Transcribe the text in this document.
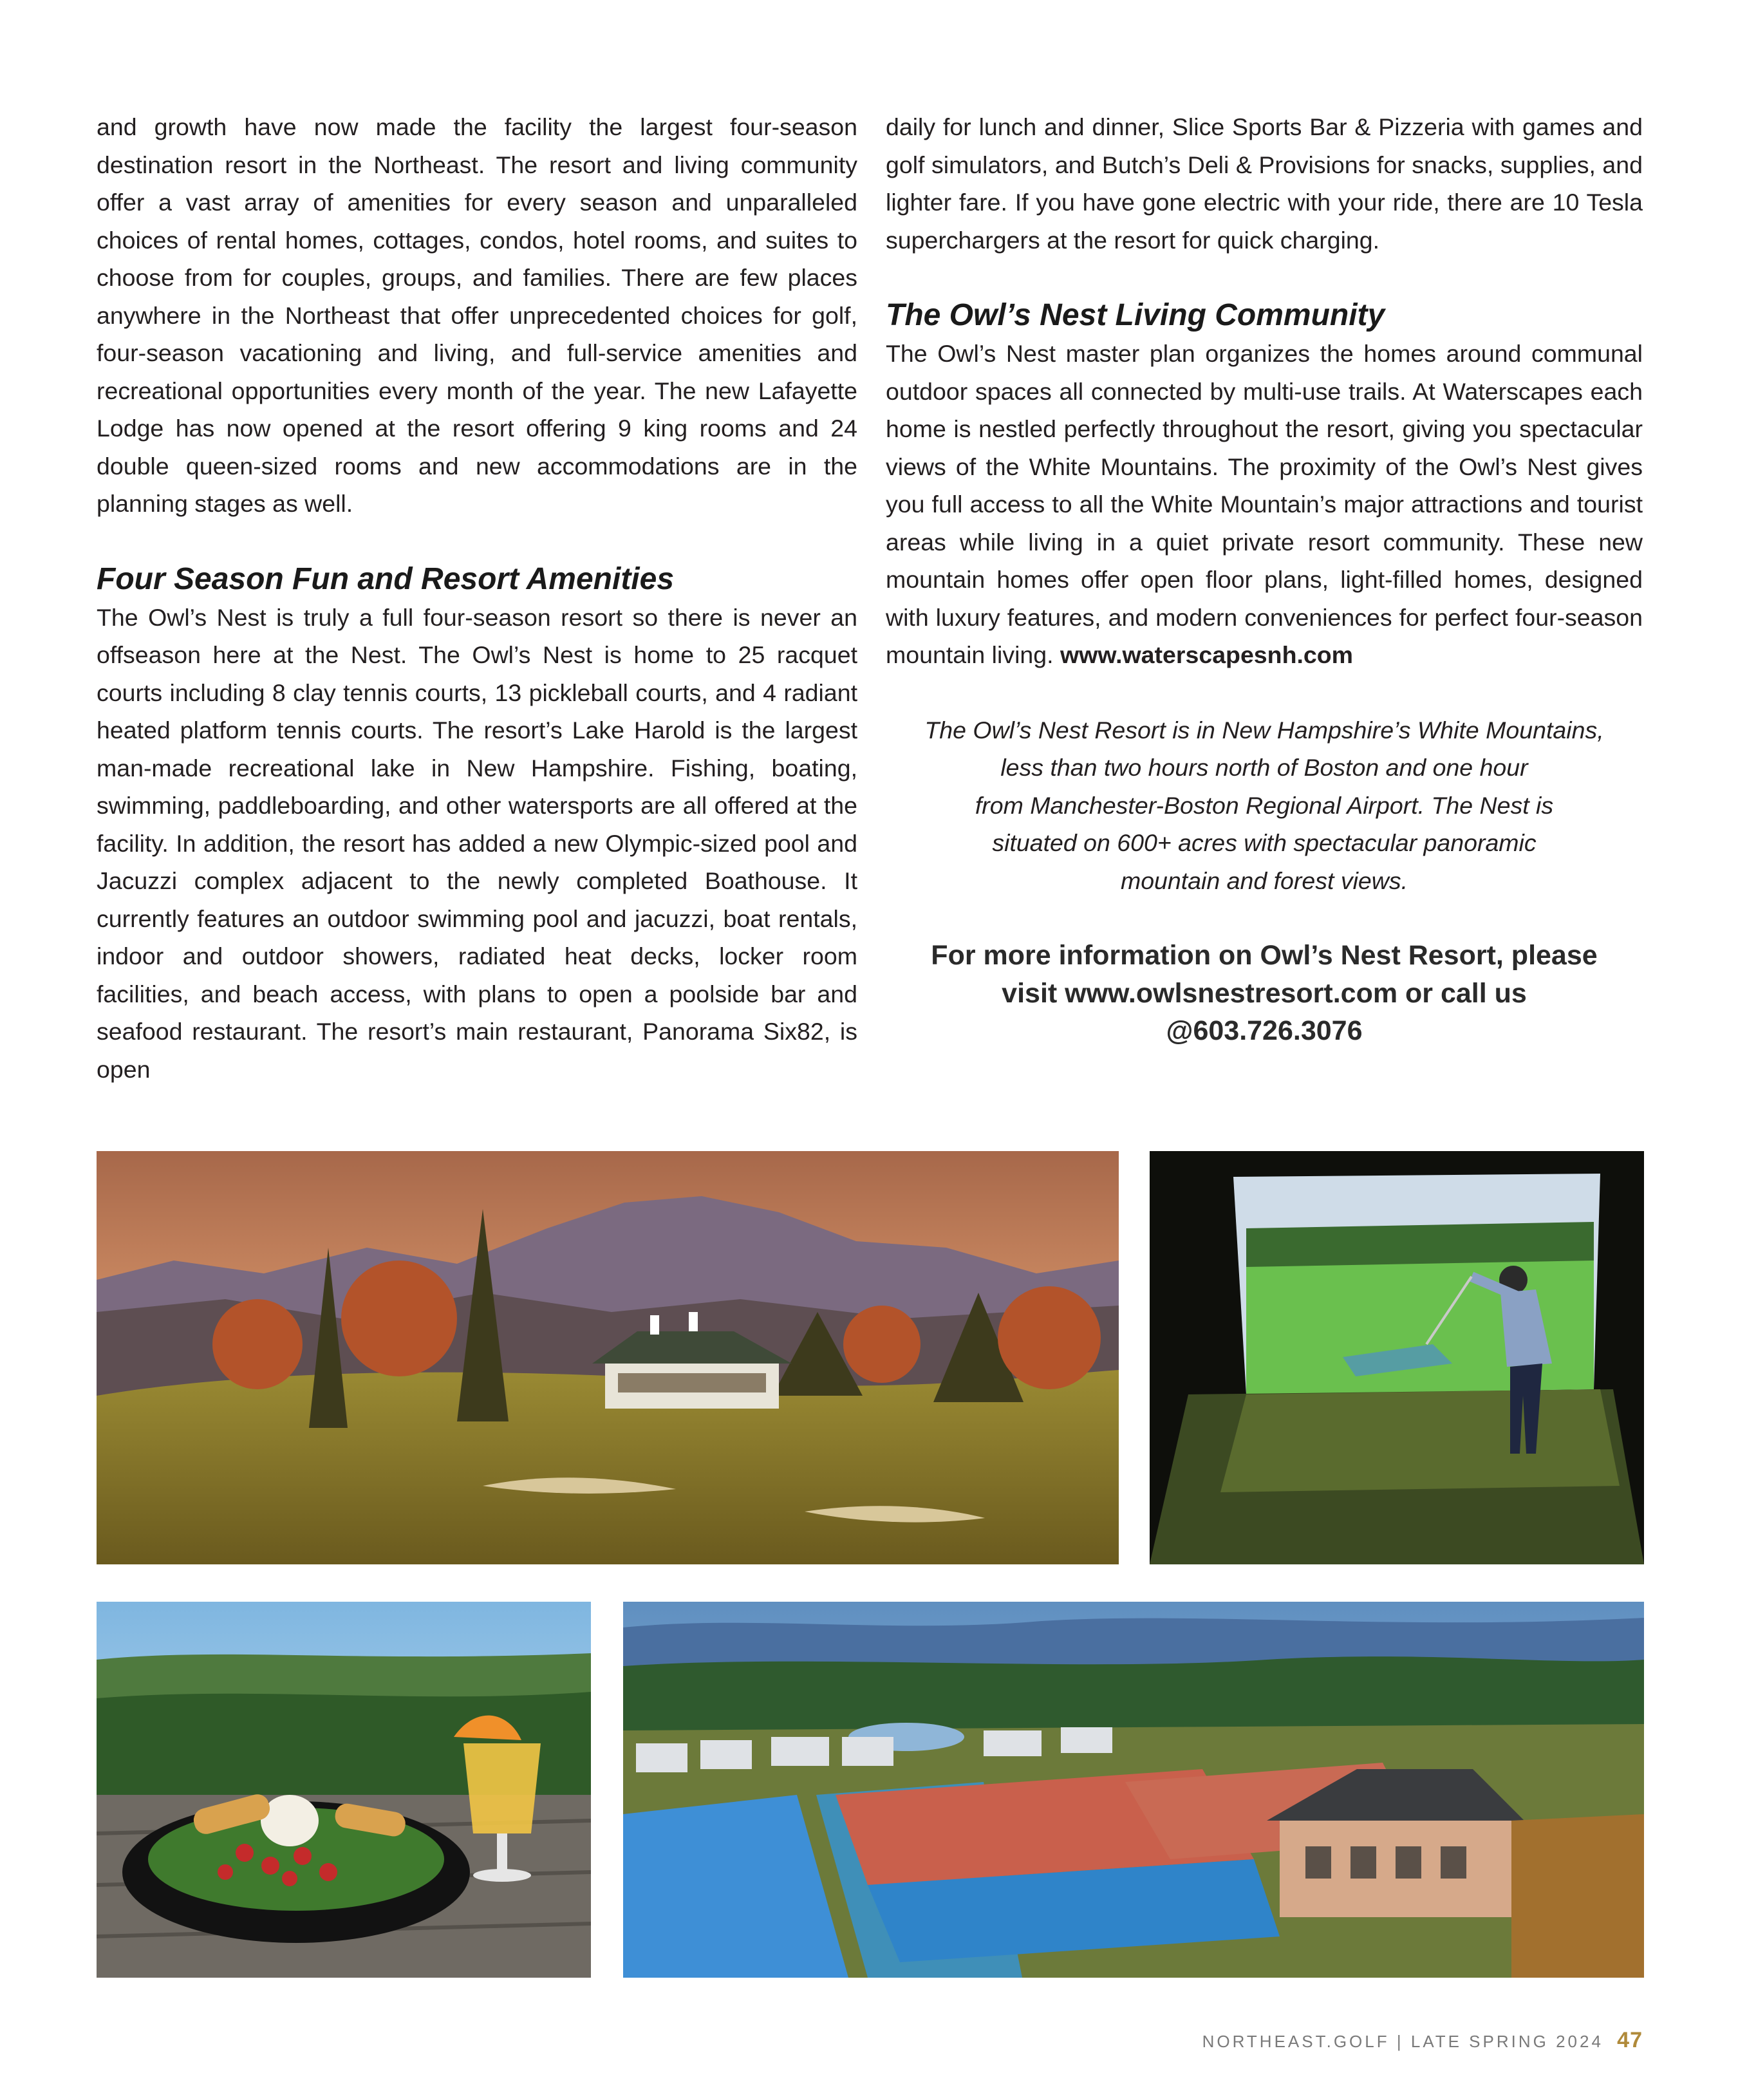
and growth have now made the facility the largest four-season destination resort in the Northeast. The resort and living community offer a vast array of amenities for every season and unparalleled choices of rental homes, cottages, condos, hotel rooms, and suites to choose from for couples, groups, and families. There are few places anywhere in the Northeast that offer unprecedented choices for golf, four-season vacationing and living, and full-service amenities and recreational opportunities every month of the year. The new Lafayette Lodge has now opened at the resort offering 9 king rooms and 24 double queen-sized rooms and new accommodations are in the planning stages as well.

Four Season Fun and Resort Amenities

The Owl’s Nest is truly a full four-season resort so there is never an offseason here at the Nest. The Owl’s Nest is home to 25 racquet courts including 8 clay tennis courts, 13 pickleball courts, and 4 radiant heated platform tennis courts. The resort’s Lake Harold is the largest man-made recreational lake in New Hampshire. Fishing, boating, swimming, paddleboarding, and other watersports are all offered at the facility. In addition, the resort has added a new Olympic-sized pool and Jacuzzi complex adjacent to the newly completed Boathouse. It currently features an outdoor swimming pool and jacuzzi, boat rentals, indoor and outdoor showers, radiated heat decks, locker room facilities, and beach access, with plans to open a poolside bar and seafood restaurant. The resort’s main restaurant, Panorama Six82, is open

daily for lunch and dinner, Slice Sports Bar & Pizzeria with games and golf simulators, and Butch’s Deli & Provisions for snacks, supplies, and lighter fare. If you have gone electric with your ride, there are 10 Tesla superchargers at the resort for quick charging.

The Owl’s Nest Living Community

The Owl’s Nest master plan organizes the homes around communal outdoor spaces all connected by multi-use trails. At Waterscapes each home is nestled perfectly throughout the resort, giving you spectacular views of the White Mountains. The proximity of the Owl’s Nest gives you full access to all the White Mountain’s major attractions and tourist areas while living in a quiet private resort community. These new mountain homes offer open floor plans, light-filled homes, designed with luxury features, and modern conveniences for perfect four-season mountain living. www.waterscapesnh.com

The Owl’s Nest Resort is in New Hampshire’s White Mountains,
less than two hours north of Boston and one hour
from Manchester-Boston Regional Airport. The Nest is
situated on 600+ acres with spectacular panoramic
mountain and forest views.
For more information on Owl’s Nest Resort, please
visit www.owlsnestresort.com or call us
@603.726.3076
NORTHEAST.GOLF | LATE SPRING 2024 47
